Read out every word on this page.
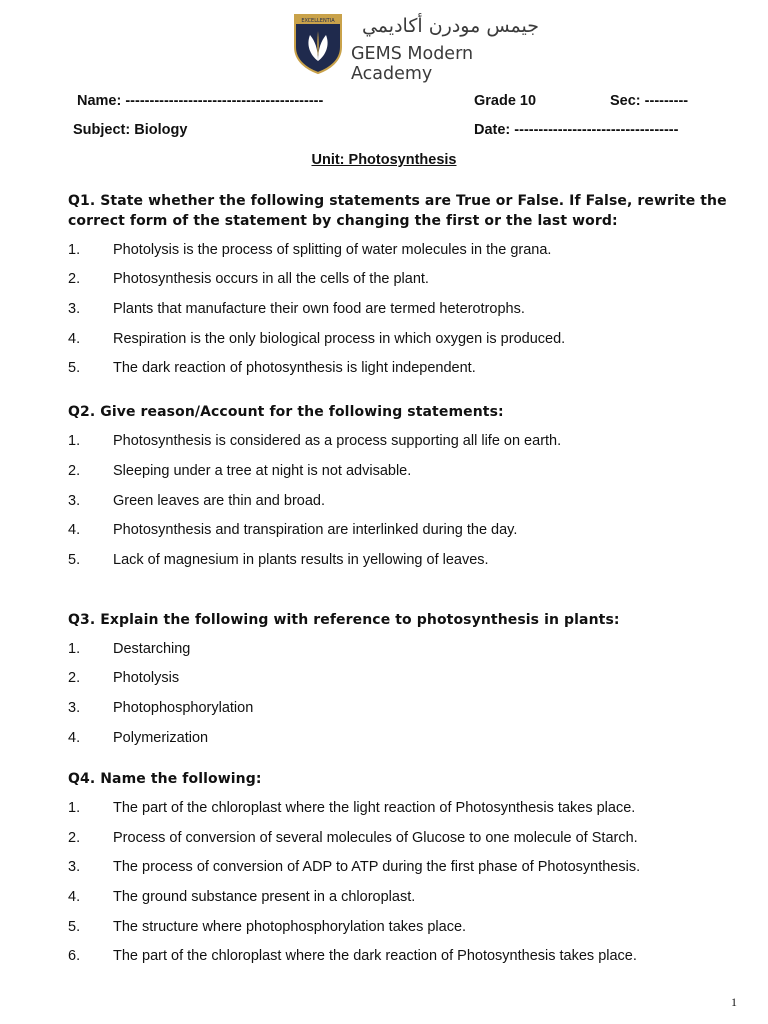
EXCELLENTIA	جيمس مودرن أكاديمي
GEMS Modern Academy
Name: -----------------------------------------	Grade 10	Sec: ---------
Subject: Biology	Date: ----------------------------------
Unit: Photosynthesis
Q1. State whether the following statements are True or False. If False, rewrite the correct form of the statement by changing the first or the last word:
1. Photolysis is the process of splitting of water molecules in the grana.
2. Photosynthesis occurs in all the cells of the plant.
3. Plants that manufacture their own food are termed heterotrophs.
4. Respiration is the only biological process in which oxygen is produced.
5. The dark reaction of photosynthesis is light independent.
Q2. Give reason/Account for the following statements:
1. Photosynthesis is considered as a process supporting all life on earth.
2. Sleeping under a tree at night is not advisable.
3. Green leaves are thin and broad.
4. Photosynthesis and transpiration are interlinked during the day.
5. Lack of magnesium in plants results in yellowing of leaves.
Q3. Explain the following with reference to photosynthesis in plants:
1. Destarching
2. Photolysis
3. Photophosphorylation
4. Polymerization
Q4. Name the following:
1. The part of the chloroplast where the light reaction of Photosynthesis takes place.
2. Process of conversion of several molecules of Glucose to one molecule of Starch.
3. The process of conversion of ADP to ATP during the first phase of Photosynthesis.
4. The ground substance present in a chloroplast.
5. The structure where photophosphorylation takes place.
6. The part of the chloroplast where the dark reaction of Photosynthesis takes place.
1
